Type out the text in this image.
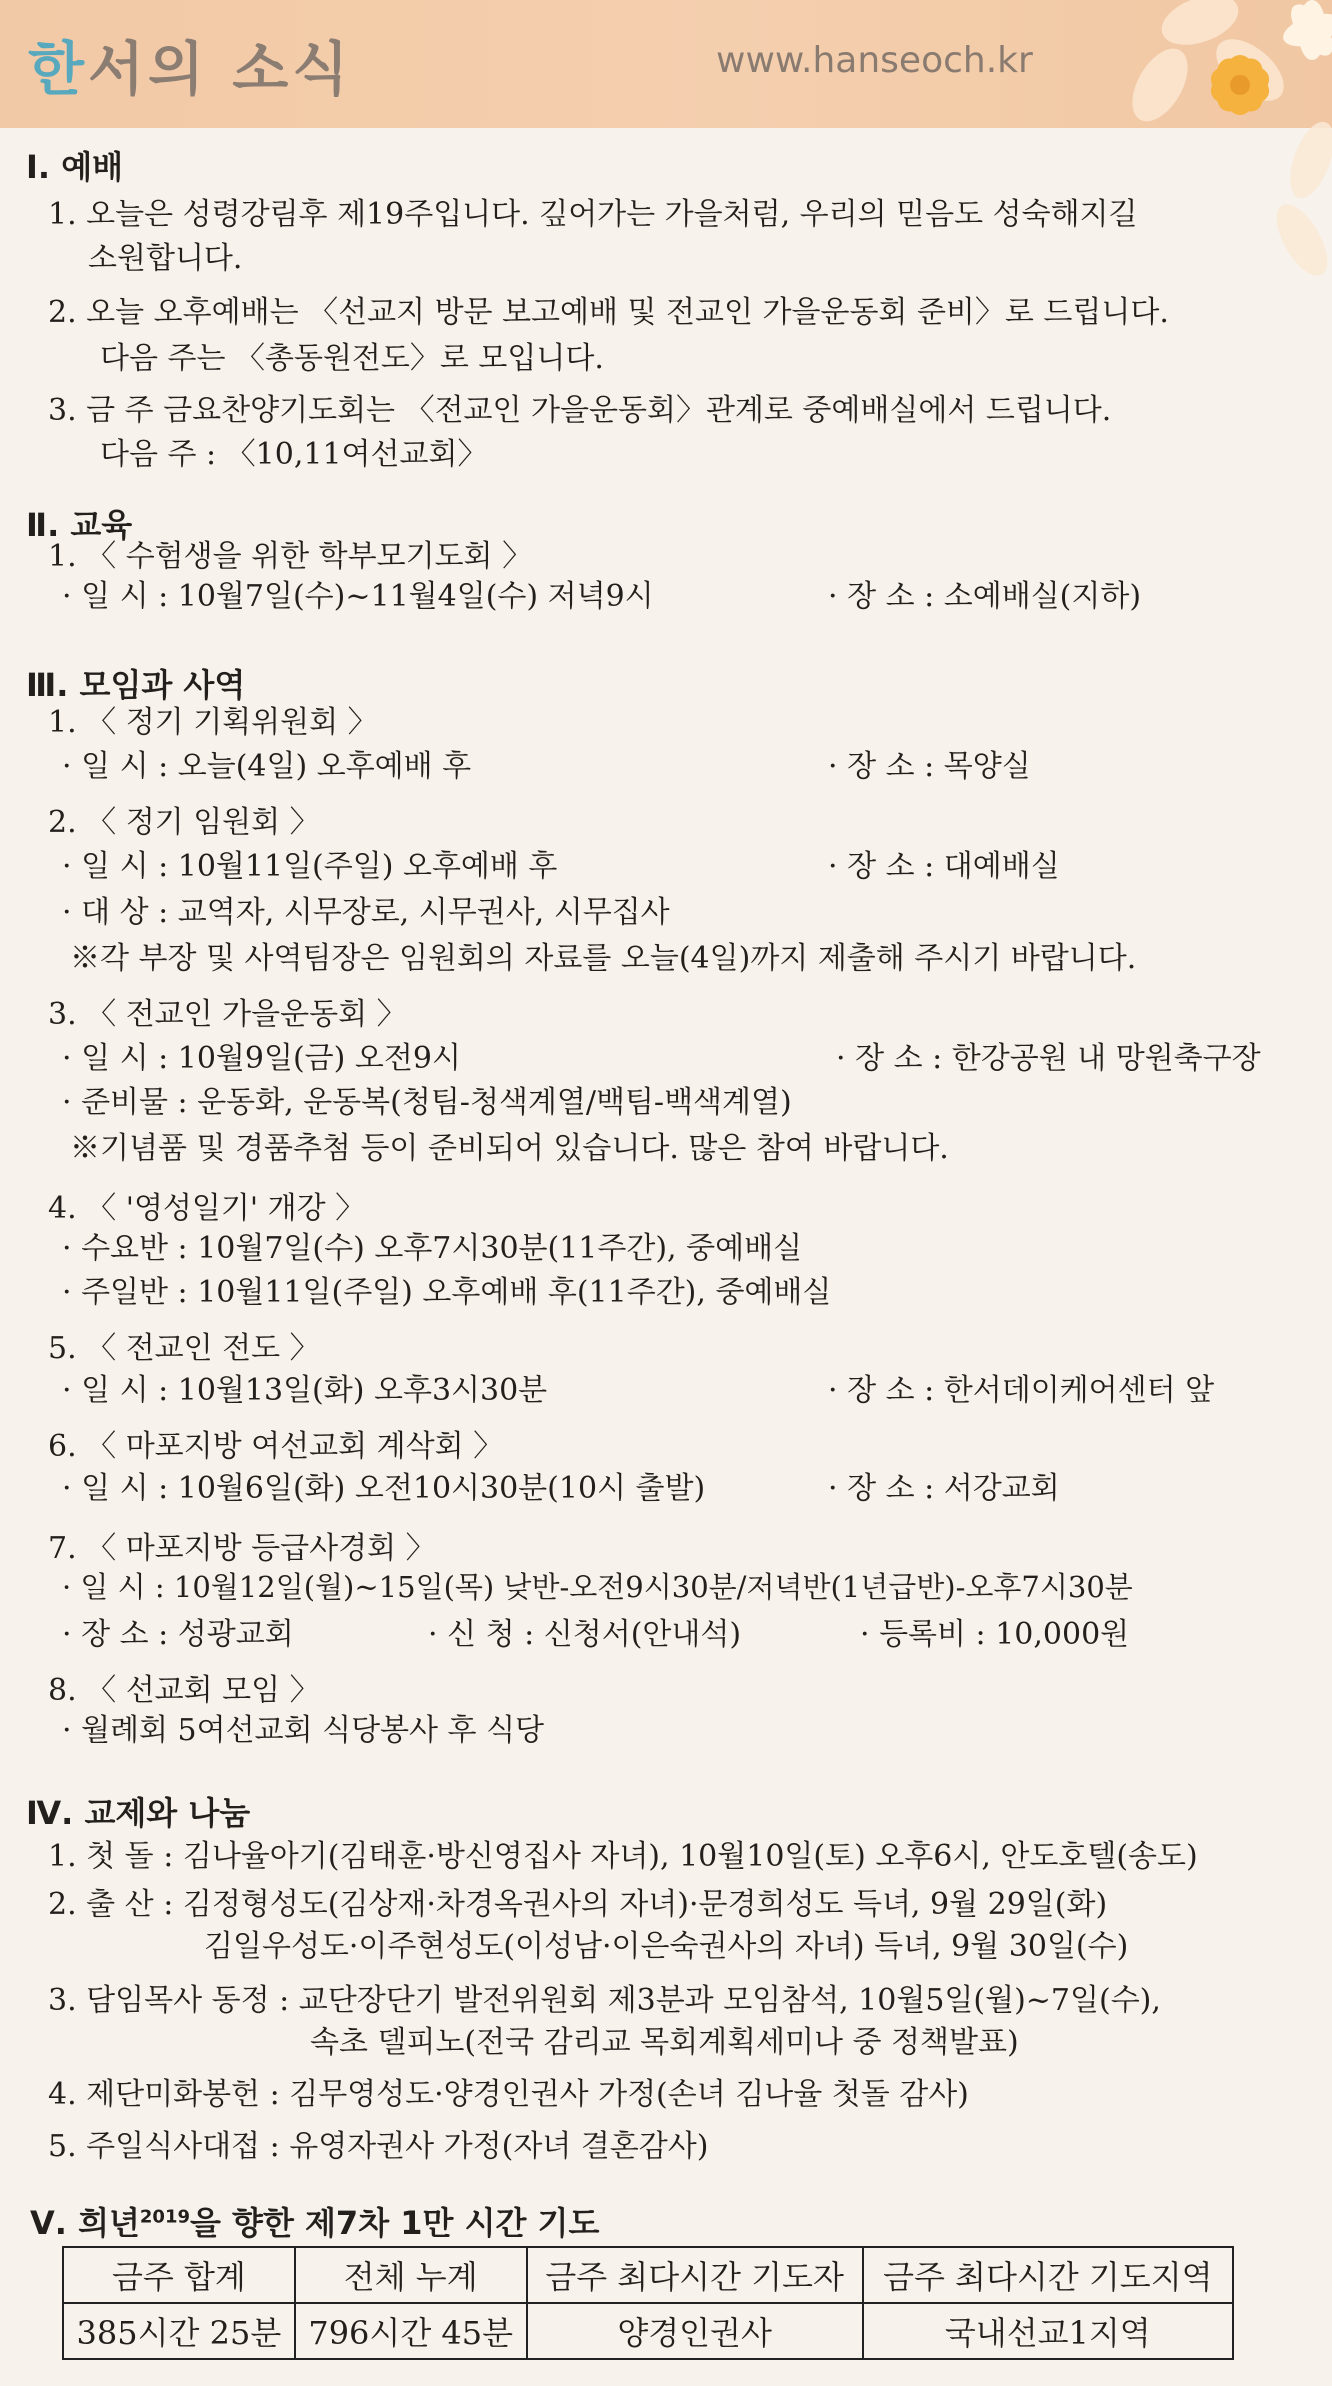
한서의 소식	www.hanseoch.kr
Ⅰ. 예배
1. 오늘은 성령강림후 제19주입니다. 깊어가는 가을처럼, 우리의 믿음도 성숙해지길
소원합니다.
2. 오늘 오후예배는 〈선교지 방문 보고예배 및 전교인 가을운동회 준비〉로 드립니다.
다음 주는 〈총동원전도〉로 모입니다.
3. 금 주 금요찬양기도회는 〈전교인 가을운동회〉관계로 중예배실에서 드립니다.
다음 주 : 〈10,11여선교회〉
Ⅱ. 교육
1. 〈 수험생을 위한 학부모기도회 〉
· 일 시 : 10월7일(수)~11월4일(수) 저녁9시	· 장 소 : 소예배실(지하)
Ⅲ. 모임과 사역
1. 〈 정기 기획위원회 〉
· 일 시 : 오늘(4일) 오후예배 후	· 장 소 : 목양실
2. 〈 정기 임원회 〉
· 일 시 : 10월11일(주일) 오후예배 후	· 장 소 : 대예배실
· 대 상 : 교역자, 시무장로, 시무권사, 시무집사
※각 부장 및 사역팀장은 임원회의 자료를 오늘(4일)까지 제출해 주시기 바랍니다.
3. 〈 전교인 가을운동회 〉
· 일 시 : 10월9일(금) 오전9시	· 장 소 : 한강공원 내 망원축구장
· 준비물 : 운동화, 운동복(청팀-청색계열/백팀-백색계열)
※기념품 및 경품추첨 등이 준비되어 있습니다. 많은 참여 바랍니다.
4. 〈 '영성일기' 개강 〉
· 수요반 : 10월7일(수) 오후7시30분(11주간), 중예배실
· 주일반 : 10월11일(주일) 오후예배 후(11주간), 중예배실
5. 〈 전교인 전도 〉
· 일 시 : 10월13일(화) 오후3시30분	· 장 소 : 한서데이케어센터 앞
6. 〈 마포지방 여선교회 계삭회 〉
· 일 시 : 10월6일(화) 오전10시30분(10시 출발)	· 장 소 : 서강교회
7. 〈 마포지방 등급사경회 〉
· 일 시 : 10월12일(월)~15일(목) 낮반-오전9시30분/저녁반(1년급반)-오후7시30분
· 장 소 : 성광교회	· 신 청 : 신청서(안내석)	· 등록비 : 10,000원
8. 〈 선교회 모임 〉
· 월례회 5여선교회 식당봉사 후 식당
Ⅳ. 교제와 나눔
1. 첫 돌 : 김나율아기(김태훈·방신영집사 자녀), 10월10일(토) 오후6시, 안도호텔(송도)
2. 출 산 : 김정형성도(김상재·차경옥권사의 자녀)·문경희성도 득녀, 9월 29일(화)
김일우성도·이주현성도(이성남·이은숙권사의 자녀) 득녀, 9월 30일(수)
3. 담임목사 동정 : 교단장단기 발전위원회 제3분과 모임참석, 10월5일(월)~7일(수),
속초 델피노(전국 감리교 목회계획세미나 중 정책발표)
4. 제단미화봉헌 : 김무영성도·양경인권사 가정(손녀 김나율 첫돌 감사)
5. 주일식사대접 : 유영자권사 가정(자녀 결혼감사)
Ⅴ. 희년$^{2019}$을 향한 제7차 1만 시간 기도
금주 합계	전체 누계	금주 최다시간 기도자	금주 최다시간 기도지역
385시간 25분	796시간 45분	양경인권사	국내선교1지역
